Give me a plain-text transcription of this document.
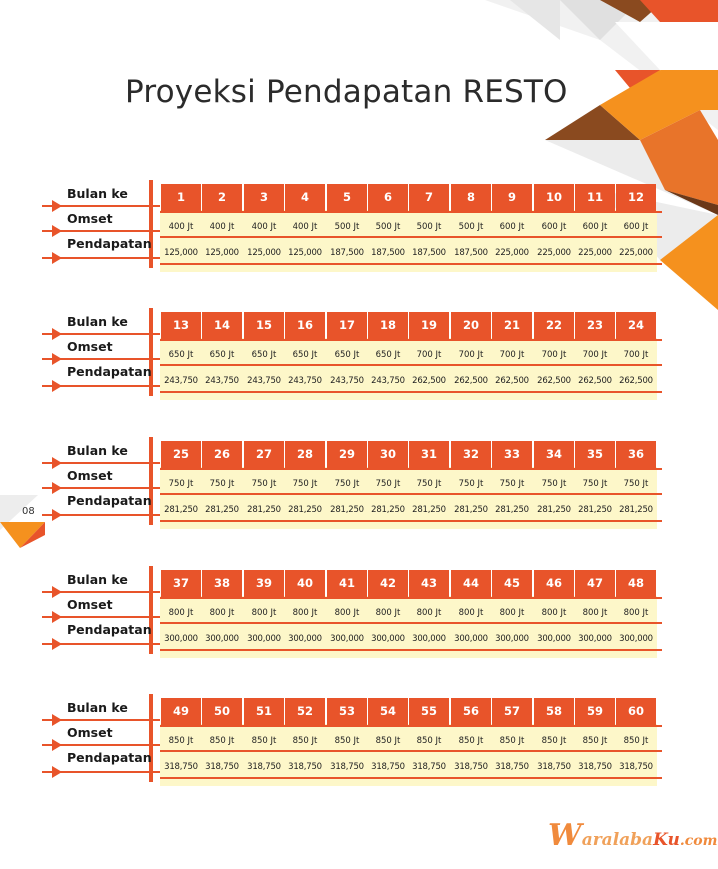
Proyeksi Pendapatan RESTO
08
Bulan ke
Omset
Pendapatan
1
400 Jt
125,000
2
400 Jt
125,000
3
400 Jt
125,000
4
400 Jt
125,000
5
500 Jt
187,500
6
500 Jt
187,500
7
500 Jt
187,500
8
500 Jt
187,500
9
600 Jt
225,000
10
600 Jt
225,000
11
600 Jt
225,000
12
600 Jt
225,000
Bulan ke
Omset
Pendapatan
13
650 Jt
243,750
14
650 Jt
243,750
15
650 Jt
243,750
16
650 Jt
243,750
17
650 Jt
243,750
18
650 Jt
243,750
19
700 Jt
262,500
20
700 Jt
262,500
21
700 Jt
262,500
22
700 Jt
262,500
23
700 Jt
262,500
24
700 Jt
262,500
Bulan ke
Omset
Pendapatan
25
750 Jt
281,250
26
750 Jt
281,250
27
750 Jt
281,250
28
750 Jt
281,250
29
750 Jt
281,250
30
750 Jt
281,250
31
750 Jt
281,250
32
750 Jt
281,250
33
750 Jt
281,250
34
750 Jt
281,250
35
750 Jt
281,250
36
750 Jt
281,250
Bulan ke
Omset
Pendapatan
37
800 Jt
300,000
38
800 Jt
300,000
39
800 Jt
300,000
40
800 Jt
300,000
41
800 Jt
300,000
42
800 Jt
300,000
43
800 Jt
300,000
44
800 Jt
300,000
45
800 Jt
300,000
46
800 Jt
300,000
47
800 Jt
300,000
48
800 Jt
300,000
Bulan ke
Omset
Pendapatan
49
850 Jt
318,750
50
850 Jt
318,750
51
850 Jt
318,750
52
850 Jt
318,750
53
850 Jt
318,750
54
850 Jt
318,750
55
850 Jt
318,750
56
850 Jt
318,750
57
850 Jt
318,750
58
850 Jt
318,750
59
850 Jt
318,750
60
850 Jt
318,750
WaralabaKu.com
